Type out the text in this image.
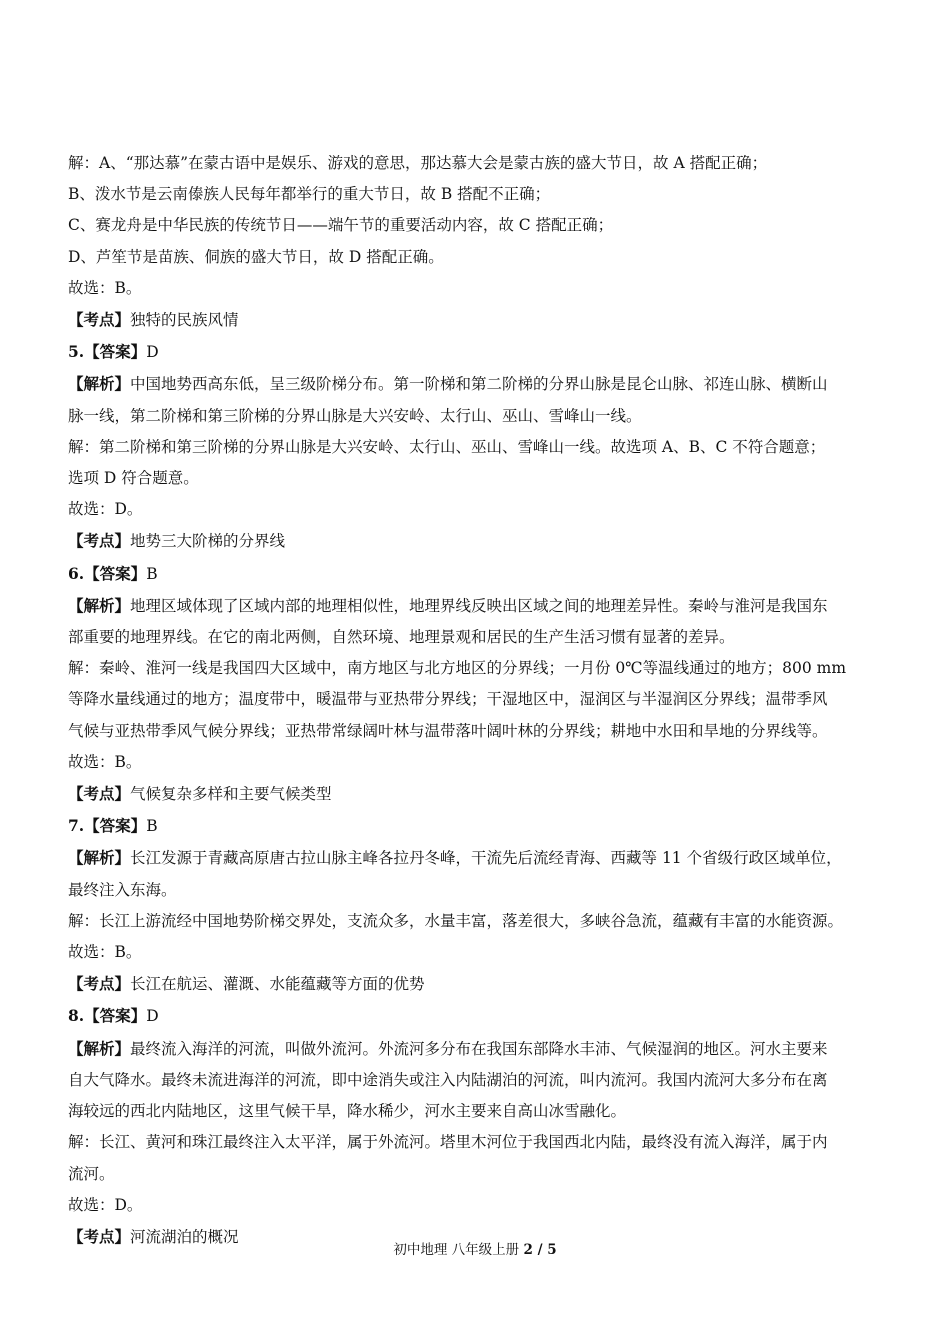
解：A、“那达慕”在蒙古语中是娱乐、游戏的意思，那达慕大会是蒙古族的盛大节日，故 A 搭配正确；
B、泼水节是云南傣族人民每年都举行的重大节日，故 B 搭配不正确；
C、赛龙舟是中华民族的传统节日——端午节的重要活动内容，故 C 搭配正确；
D、芦笙节是苗族、侗族的盛大节日，故 D 搭配正确。
故选：B。
【考点】独特的民族风情
5.【答案】D
【解析】中国地势西高东低，呈三级阶梯分布。第一阶梯和第二阶梯的分界山脉是昆仑山脉、祁连山脉、横断山
脉一线，第二阶梯和第三阶梯的分界山脉是大兴安岭、太行山、巫山、雪峰山一线。
解：第二阶梯和第三阶梯的分界山脉是大兴安岭、太行山、巫山、雪峰山一线。故选项 A、B、C 不符合题意；
选项 D 符合题意。
故选：D。
【考点】地势三大阶梯的分界线
6.【答案】B
【解析】地理区域体现了区域内部的地理相似性，地理界线反映出区域之间的地理差异性。秦岭与淮河是我国东
部重要的地理界线。在它的南北两侧，自然环境、地理景观和居民的生产生活习惯有显著的差异。
解：秦岭、淮河一线是我国四大区域中，南方地区与北方地区的分界线；一月份 0℃等温线通过的地方；800 mm
等降水量线通过的地方；温度带中，暖温带与亚热带分界线；干湿地区中，湿润区与半湿润区分界线；温带季风
气候与亚热带季风气候分界线；亚热带常绿阔叶林与温带落叶阔叶林的分界线；耕地中水田和旱地的分界线等。
故选：B。
【考点】气候复杂多样和主要气候类型
7.【答案】B
【解析】长江发源于青藏高原唐古拉山脉主峰各拉丹冬峰，干流先后流经青海、西藏等 11 个省级行政区域单位，
最终注入东海。
解：长江上游流经中国地势阶梯交界处，支流众多，水量丰富，落差很大，多峡谷急流，蕴藏有丰富的水能资源。
故选：B。
【考点】长江在航运、灌溉、水能蕴藏等方面的优势
8.【答案】D
【解析】最终流入海洋的河流，叫做外流河。外流河多分布在我国东部降水丰沛、气候湿润的地区。河水主要来
自大气降水。最终未流进海洋的河流，即中途消失或注入内陆湖泊的河流，叫内流河。我国内流河大多分布在离
海较远的西北内陆地区，这里气候干旱，降水稀少，河水主要来自高山冰雪融化。
解：长江、黄河和珠江最终注入太平洋，属于外流河。塔里木河位于我国西北内陆，最终没有流入海洋，属于内
流河。
故选：D。
【考点】河流湖泊的概况
初中地理 八年级上册 2 / 5
